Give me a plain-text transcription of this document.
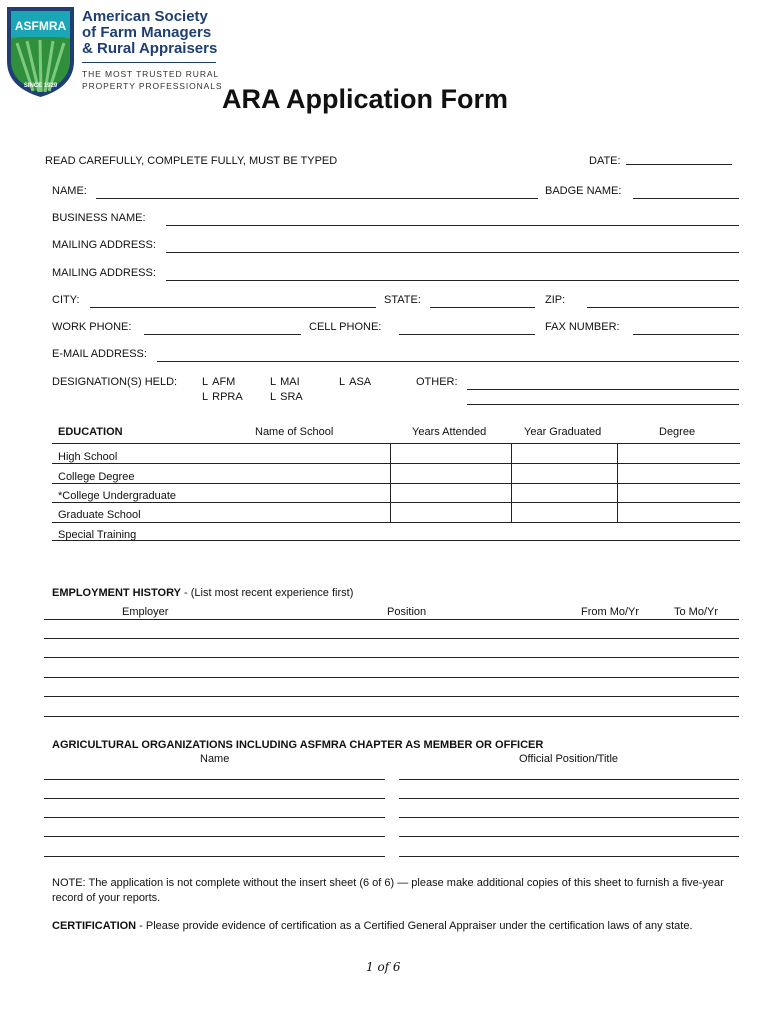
ASFMRA
SINCE 1929
American Society
of Farm Managers
& Rural Appraisers
THE MOST TRUSTED RURAL
PROPERTY PROFESSIONALS ARA Application Form
READ CAREFULLY, COMPLETE FULLY, MUST BE TYPED	DATE:
NAME:	BADGE NAME:
BUSINESS NAME:
MAILING ADDRESS:
MAILING ADDRESS:
CITY:	STATE:	ZIP:
WORK PHONE:	CELL PHONE:	FAX NUMBER:
E-MAIL ADDRESS:
DESIGNATION(S) HELD:	L AFM	L MAI	L ASA
L RPRA	L SRA
OTHER:
EDUCATION	Name of School	Years Attended	Year Graduated	Degree
High School
College Degree
*College Undergraduate
Graduate School
Special Training
EMPLOYMENT HISTORY - (List most recent experience first)
Employer	Position	From Mo/Yr	To Mo/Yr
AGRICULTURAL ORGANIZATIONS INCLUDING ASFMRA CHAPTER AS MEMBER OR OFFICER
Name	Official Position/Title
NOTE: The application is not complete without the insert sheet (6 of 6) — please make additional copies of this sheet to furnish a five-year record of your reports.
CERTIFICATION - Please provide evidence of certification as a Certified General Appraiser under the certification laws of any state.
1 of 6
